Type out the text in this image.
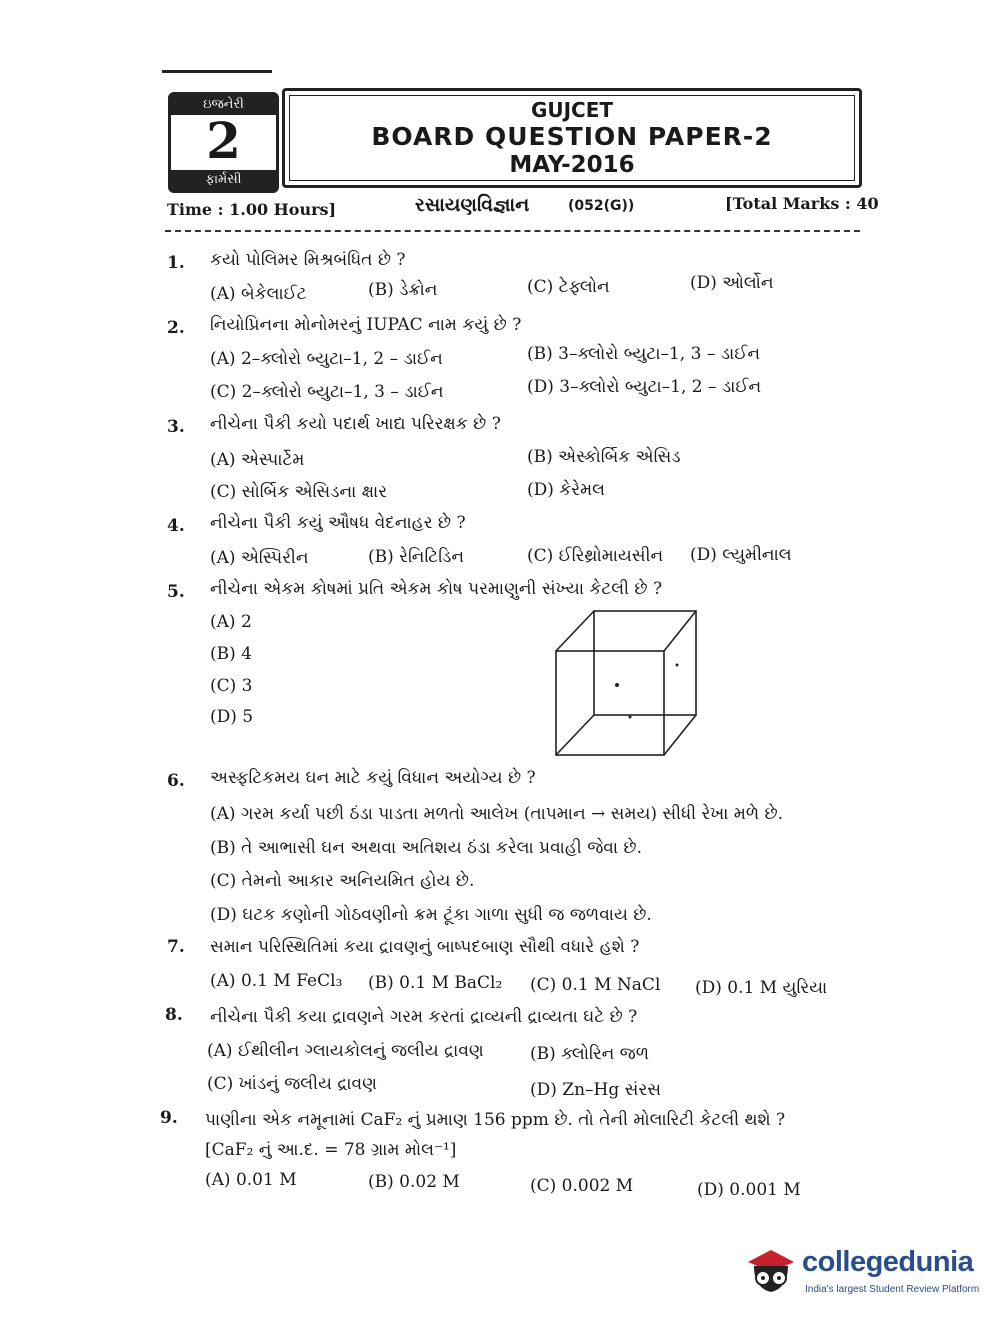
ઇજનેરી
2
ફાર્મસી
GUJCET
BOARD QUESTION PAPER-2
MAY-2016
Time : 1.00 Hours]	રસાયણવિજ્ઞાન	(052(G))	[Total Marks : 40
1. કયો પોલિમર મિશ્રબંધિત છે ?
(A) બેકેલાઈટ	(B) ડેક્રોન	(C) ટેફ્લોન	(D) ઓર્લોન
2. નિયોપ્રિનના મોનોમરનું IUPAC નામ કયું છે ?
(A) 2–ક્લોરો બ્યુટા–1, 2 – ડાઈન	(B) 3–ક્લોરો બ્યુટા–1, 3 – ડાઈન
(C) 2–ક્લોરો બ્યુટા–1, 3 – ડાઈન	(D) 3–ક્લોરો બ્યુટા–1, 2 – ડાઈન
3. નીચેના પૈકી કયો પદાર્થ ખાદ્ય પરિરક્ષક છે ?
(A) એસ્પાર્ટેમ	(B) એસ્કોર્બિક એસિડ
(C) સોર્બિક એસિડના ક્ષાર	(D) કેરેમલ
4. નીચેના પૈકી કયું ઔષધ વેદનાહર છે ?
(A) એસ્પિરીન	(B) રેનિટિડિન	(C) ઈરિથ્રોમાયસીન (D) લ્યુમીનાલ
5. નીચેના એકમ કોષમાં પ્રતિ એકમ કોષ પરમાણુની સંખ્યા કેટલી છે ?
(A) 2
(B) 4
(C) 3
(D) 5
6. અસ્ફટિકમય ઘન માટે કયું વિધાન અયોગ્ય છે ?
(A) ગરમ કર્યા પછી ઠંડા પાડતા મળતો આલેખ (તાપમાન → સમય) સીધી રેખા મળે છે.
(B) તે આભાસી ઘન અથવા અતિશય ઠંડા કરેલા પ્રવાહી જેવા છે.
(C) તેમનો આકાર અનિયમિત હોય છે.
(D) ઘટક કણોની ગોઠવણીનો ક્રમ ટૂંકા ગાળા સુધી જ જળવાય છે.
7. સમાન પરિસ્થિતિમાં કયા દ્રાવણનું બાષ્પદબાણ સૌથી વધારે હશે ?
(A) 0.1 M FeCl₃ (B) 0.1 M BaCl₂ (C) 0.1 M NaCl (D) 0.1 M યુરિયા
8. નીચેના પૈકી કયા દ્રાવણને ગરમ કરતાં દ્રાવ્યની દ્રાવ્યતા ઘટે છે ?
(A) ઈથીલીન ગ્લાયકોલનું જલીય દ્રાવણ	(B) ક્લોરિન જળ
(C) ખાંડનું જલીય દ્રાવણ	(D) Zn–Hg સંરસ
9. પાણીના એક નમૂનામાં CaF₂ નું પ્રમાણ 156 ppm છે. તો તેની મોલારિટી કેટલી થશે ?
[CaF₂ નું આ.દ. = 78 ગ્રામ મોલ⁻¹]
(A) 0.01 M	(B) 0.02 M	(C) 0.002 M	(D) 0.001 M
collegedunia
India's largest Student Review Platform
